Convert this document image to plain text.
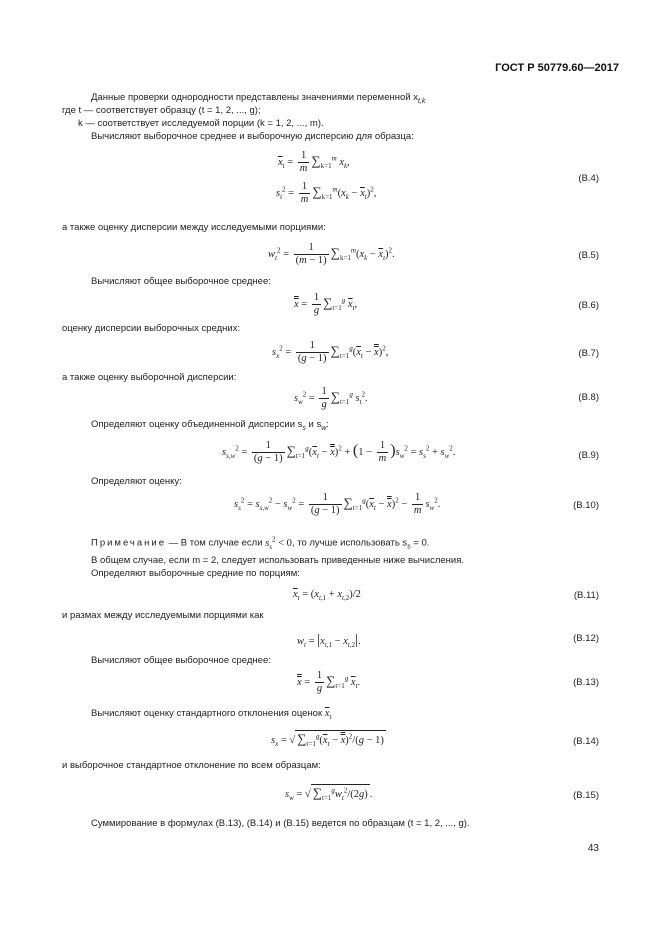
ГОСТ Р 50779.60—2017
Данные проверки однородности представлены значениями переменной $x_{t,k}$
где t — соответствует образцу (t = 1, 2, ..., g);
k — соответствует исследуемой порции (k = 1, 2, ..., m).
Вычисляют выборочное среднее и выборочную дисперсию для образца:
$\overline{x}_t = \frac{1}{m} \sum_{k=1}^m$ $x_k$,
$s_t^2 = \frac{1}{m} \sum_{k=1}^m(x_k - \overline{x}_t)^2$,
(В.4)
а также оценку дисперсии между исследуемыми порциями:
$w_t^2 = \frac{1}{(m - 1)} \sum_{k=1}^m(x_k - \overline{x}_t)^2$.	(В.5)
Вычисляют общее выборочное среднее:
$x = \frac{1}{g} \sum_{t=1}^g$ $\overline{x}_t$,	(В.6)
оценку дисперсии выборочных средних:
$s_x^2 = \frac{1}{(g - 1)} \sum_{t=1}^g(\overline{x}_t - x)^2$,	(В.7)
а также оценку выборочной дисперсии:
$s_w^2 = \frac{1}{g} \sum_{t=1}^g$ $s_t^2$.	(В.8)
Определяют оценку объединенной дисперсии $s_s$ и $s_w$:
$s_{s,w}^2 = \frac{1}{(g - 1)} \sum_{t=1}^g(\overline{x}_t - x)^2 + (1 - \frac{1}{m} )s_w^2 = s_s^2 + s_w^2$.	(В.9)
Определяют оценку:
$s_s^2 = s_{s,w}^2 - s_w^2 = \frac{1}{(g - 1)} \sum_{t=1}^g(\overline{x}_t - x)^2 - \frac{1}{m} s_w^2$.	(В.10)
Примечание — В том случае если $s_s^2 < 0$, то лучше использовать $s_s = 0$.
В общем случае, если m = 2, следует использовать приведенные ниже вычисления.
Определяют выборочные средние по порциям:
$\overline{x}_t = (x_{t,1} + x_{t,2})/2$	(В.11)
и размах между исследуемыми порциями как
$w_t = |x_{t,1} - x_{t,2}|$.	(В.12)
Вычисляют общее выборочное среднее:
$x = \frac{1}{g} \sum_{t=1}^g$ $\overline{x}_t$.	(В.13)
Вычисляют оценку стандартного отклонения оценок $\overline{x}_t$
$s_x$ = √ $\sum_{t=1}^g(\overline{x}_t - x)^2/(g - 1)$	(В.14)
и выборочное стандартное отклонение по всем образцам:
$s_w$ = √ $\sum_{t=1}^gw_t^2/(2g)$ .	(В.15)
Суммирование в формулах (В.13), (В.14) и (В.15) ведется по образцам (t = 1, 2, ..., g).
43
